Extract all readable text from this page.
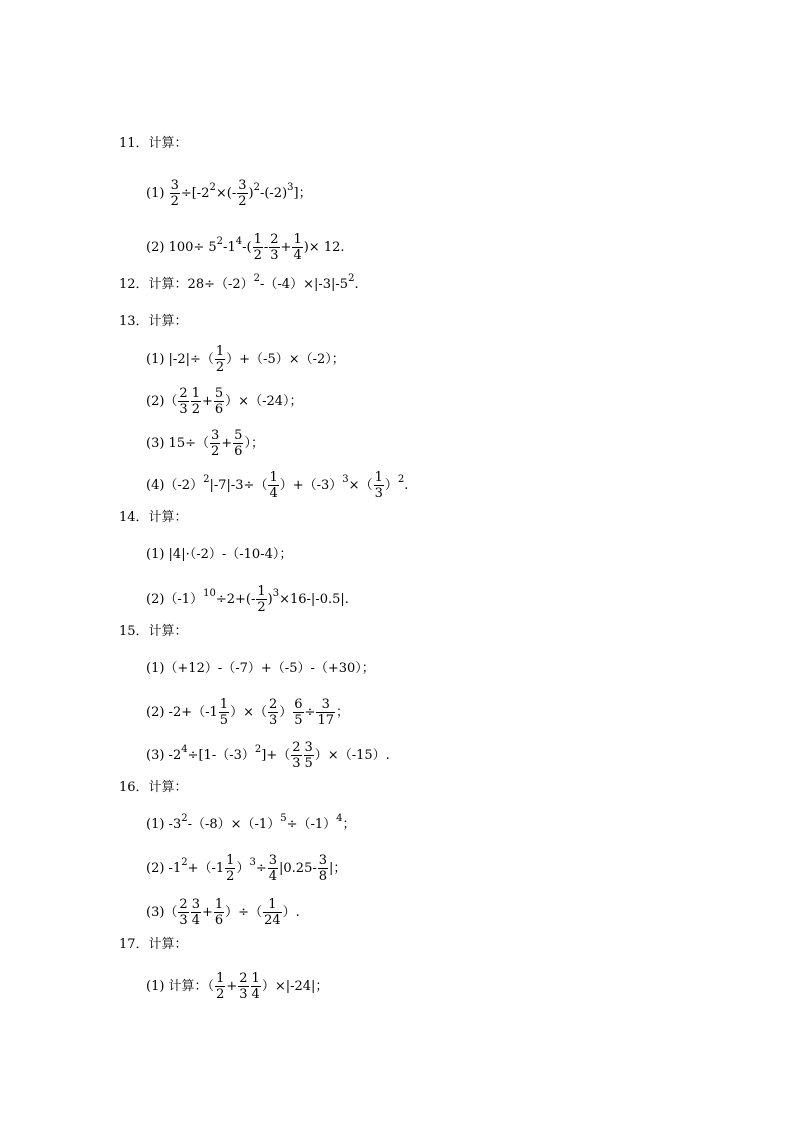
11．计算：
$(1) \frac{3}{2} \div[-2^2\times(- \frac{3}{2} )^2-(-2)^3]$；
(2) $100\div 5^2-1^4-( \frac{1}{2} - \frac{2}{3} + \frac{1}{4}$ )× 12.
12．计算：$28\div(-2)^2-(-4)\times|-3|-5^2$.
13．计算：
(1) $|-2|\div( \frac{1}{2} )+(-5)\times(-2)$；
$(2)( \frac{2}{3} \frac{1}{2} + \frac{5}{6} )\times(-24)$；
(3) $15\div( \frac{3}{2} + \frac{5}{6}$ ）；
$(4)(-2)^2|-7|-3\div( \frac{1}{4} )+(-3)^3\times( \frac{1}{3} )^2$.
14．计算：
(1) |4|·（-2）-（-10-4）；
$(2)(-1)^{10}\div 2+(- \frac{1}{2} )^3\times 16-|-0.5|$.
15．计算：
(1)（+12）-（-7）+（-5）-（+30）；
(2) $-2+(-1 \frac{1}{5}$ ）×（ $\frac{2}{3}$ ） $\frac{6}{5} \div \frac{3}{17}$ ；
(3) $-2^4\div[1-(-3)^2]+( \frac{2}{3} \frac{3}{5} )\times(-15)$.
16．计算：
(1) $-3^2-(-8)\times(-1)^5\div(-1)^4$；
(2) $-1^2+(-1 \frac{1}{2} )^3\div \frac{3}{4} |0.25- \frac{3}{8}$ |；
$(3)( \frac{2}{3} \frac{3}{4} + \frac{1}{6}$ ）÷（ $\frac{1}{24}$ ）.
17．计算：
(1) 计算：（ $\frac{1}{2} + \frac{2}{3} \frac{1}{4} )\times|-24|$；
